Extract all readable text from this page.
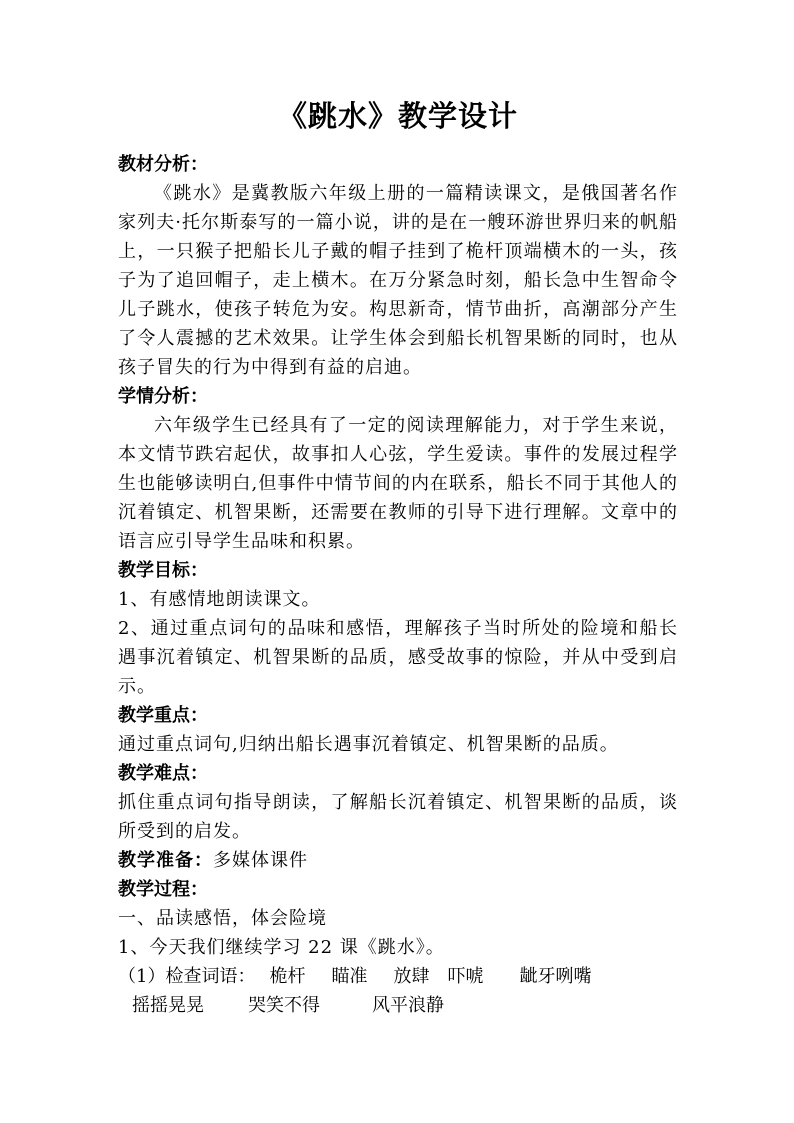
《跳水》教学设计

教材分析：

《跳水》是冀教版六年级上册的一篇精读课文，是俄国著名作家列夫·托尔斯泰写的一篇小说，讲的是在一艘环游世界归来的帆船上，一只猴子把船长儿子戴的帽子挂到了桅杆顶端横木的一头，孩子为了追回帽子，走上横木。在万分紧急时刻，船长急中生智命令儿子跳水，使孩子转危为安。构思新奇，情节曲折，高潮部分产生了令人震撼的艺术效果。让学生体会到船长机智果断的同时，也从孩子冒失的行为中得到有益的启迪。

学情分析：

六年级学生已经具有了一定的阅读理解能力，对于学生来说，本文情节跌宕起伏，故事扣人心弦，学生爱读。事件的发展过程学生也能够读明白,但事件中情节间的内在联系，船长不同于其他人的沉着镇定、机智果断，还需要在教师的引导下进行理解。文章中的语言应引导学生品味和积累。

教学目标：

1、有感情地朗读课文。

2、通过重点词句的品味和感悟，理解孩子当时所处的险境和船长遇事沉着镇定、机智果断的品质，感受故事的惊险，并从中受到启示。

教学重点：

通过重点词句,归纳出船长遇事沉着镇定、机智果断的品质。

教学难点：

抓住重点词句指导朗读，了解船长沉着镇定、机智果断的品质，谈所受到的启发。

教学准备：多媒体课件

教学过程：

一、品读感悟，体会险境

1、今天我们继续学习 22 课《跳水》。

（1）检查词语： 桅杆 瞄准 放肆 吓唬 龇牙咧嘴

摇摇晃晃 哭笑不得	风平浪静
